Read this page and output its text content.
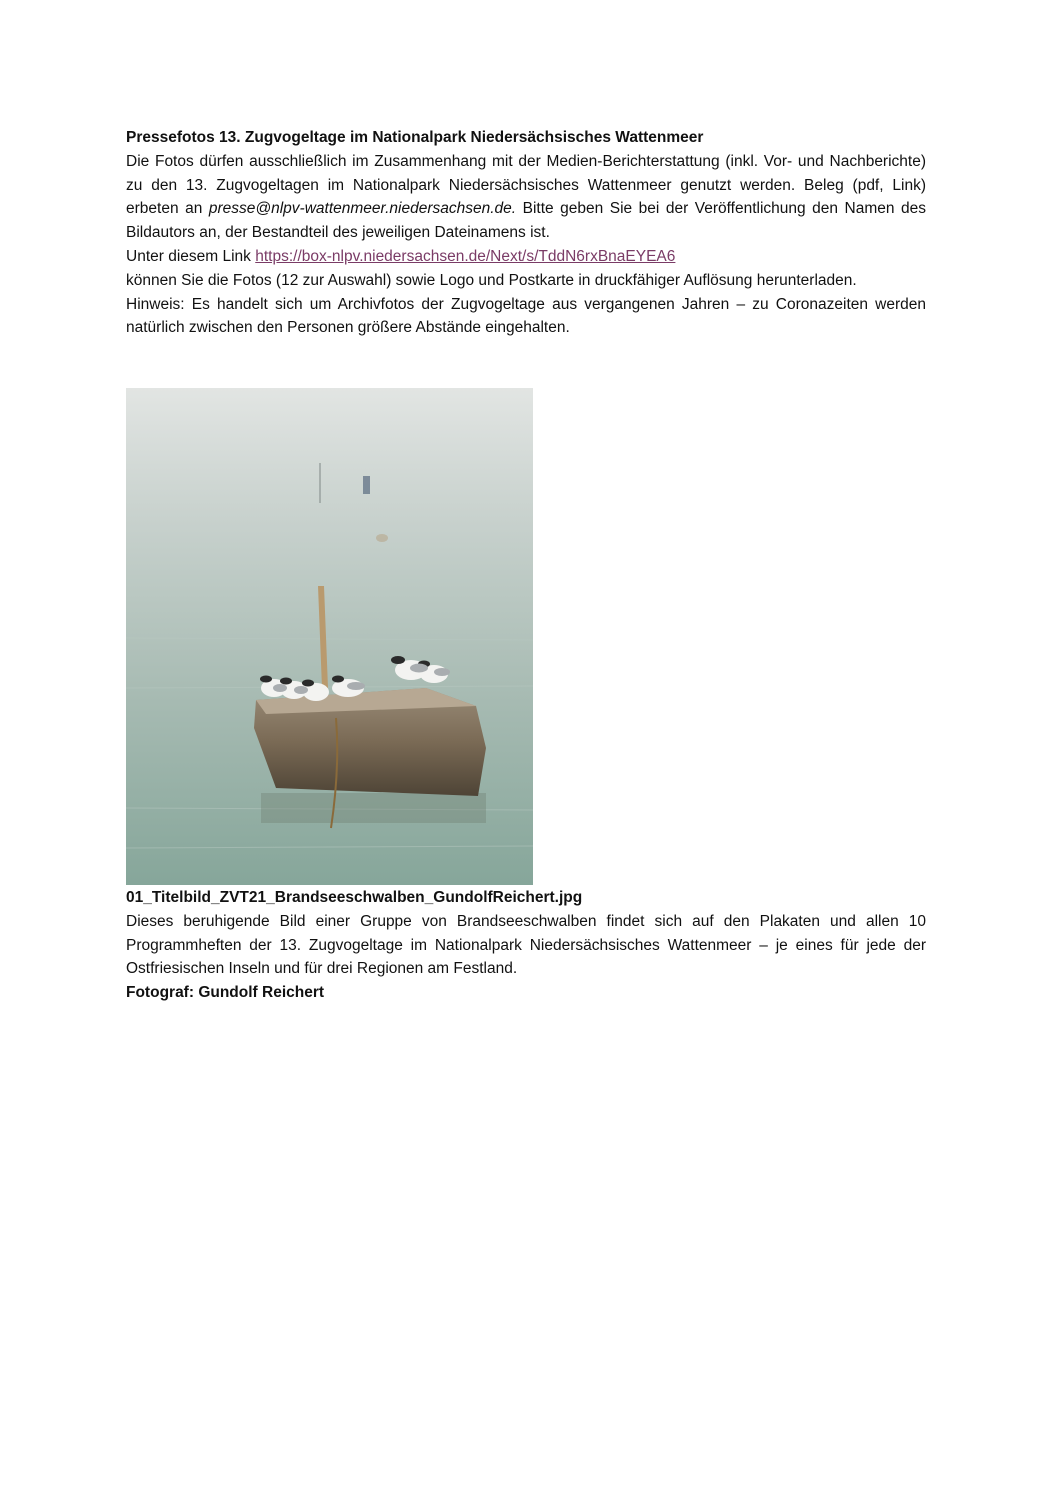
Pressefotos 13. Zugvogeltage im Nationalpark Niedersächsisches Wattenmeer

Die Fotos dürfen ausschließlich im Zusammenhang mit der Medien-Berichterstattung (inkl. Vor- und Nachberichte) zu den 13. Zugvogeltagen im Nationalpark Niedersächsisches Wattenmeer genutzt werden. Beleg (pdf, Link) erbeten an presse@nlpv-wattenmeer.niedersachsen.de. Bitte geben Sie bei der Veröffentlichung den Namen des Bildautors an, der Bestandteil des jeweiligen Dateinamens ist.

Unter diesem Link https://box-nlpv.niedersachsen.de/Next/s/TddN6rxBnaEYEA6

können Sie die Fotos (12 zur Auswahl) sowie Logo und Postkarte in druckfähiger Auflösung herunterladen.

Hinweis: Es handelt sich um Archivfotos der Zugvogeltage aus vergangenen Jahren – zu Coronazeiten werden natürlich zwischen den Personen größere Abstände eingehalten.

01_Titelbild_ZVT21_Brandseeschwalben_GundolfReichert.jpg

Dieses beruhigende Bild einer Gruppe von Brandseeschwalben findet sich auf den Plakaten und allen 10 Programmheften der 13. Zugvogeltage im Nationalpark Niedersächsisches Wattenmeer – je eines für jede der Ostfriesischen Inseln und für drei Regionen am Festland.

Fotograf: Gundolf Reichert
